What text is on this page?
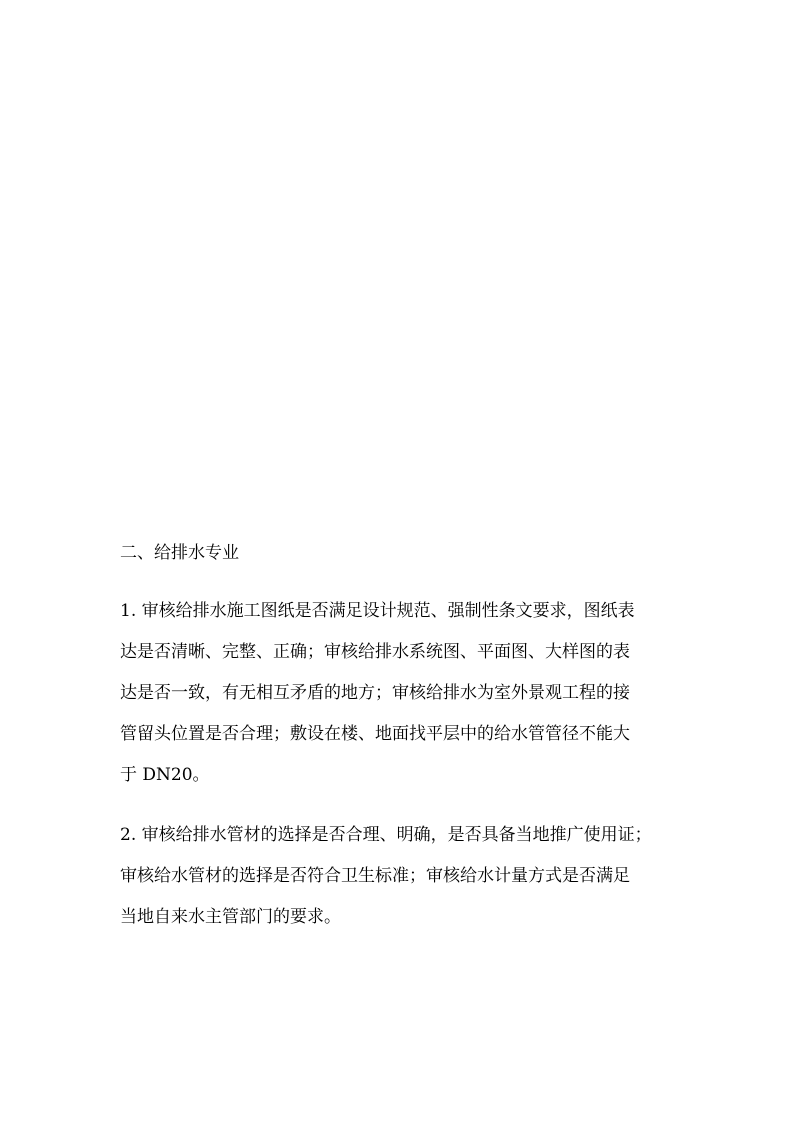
二、给排水专业
1. 审核给排水施工图纸是否满足设计规范、强制性条文要求，图纸表
达是否清晰、完整、正确；审核给排水系统图、平面图、大样图的表
达是否一致，有无相互矛盾的地方；审核给排水为室外景观工程的接
管留头位置是否合理；敷设在楼、地面找平层中的给水管管径不能大
于 DN20。
2. 审核给排水管材的选择是否合理、明确，是否具备当地推广使用证；
审核给水管材的选择是否符合卫生标准；审核给水计量方式是否满足
当地自来水主管部门的要求。
